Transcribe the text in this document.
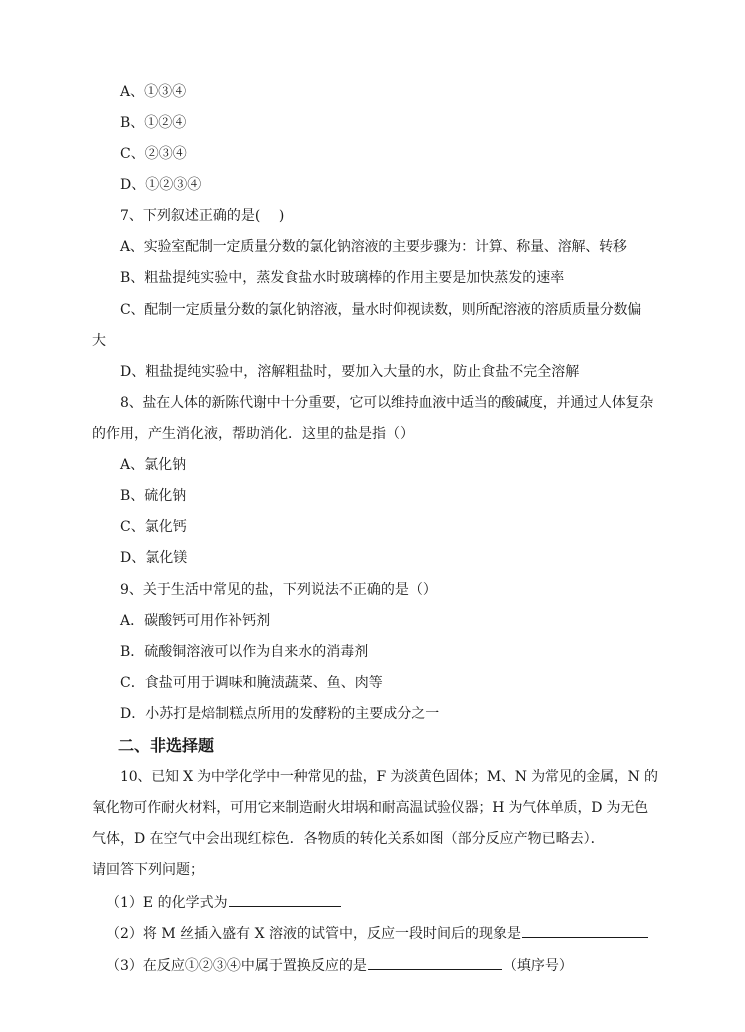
A、①③④
B、①②④
C、②③④
D、①②③④
7、下列叙述正确的是(　 )
A、实验室配制一定质量分数的氯化钠溶液的主要步骤为：计算、称量、溶解、转移
B、粗盐提纯实验中，蒸发食盐水时玻璃棒的作用主要是加快蒸发的速率
C、配制一定质量分数的氯化钠溶液，量水时仰视读数，则所配溶液的溶质质量分数偏
大
D、粗盐提纯实验中，溶解粗盐时，要加入大量的水，防止食盐不完全溶解
8、盐在人体的新陈代谢中十分重要，它可以维持血液中适当的酸碱度，并通过人体复杂
的作用，产生消化液，帮助消化．这里的盐是指（）
A、氯化钠
B、硫化钠
C、氯化钙
D、氯化镁
9、关于生活中常见的盐，下列说法不正确的是（）
A．碳酸钙可用作补钙剂
B．硫酸铜溶液可以作为自来水的消毒剂
C．食盐可用于调味和腌渍蔬菜、鱼、肉等
D．小苏打是焙制糕点所用的发酵粉的主要成分之一
二、非选择题
10、已知 X 为中学化学中一种常见的盐，F 为淡黄色固体；M、N 为常见的金属，N 的
氧化物可作耐火材料，可用它来制造耐火坩埚和耐高温试验仪器；H 为气体单质，D 为无色
气体，D 在空气中会出现红棕色．各物质的转化关系如图（部分反应产物已略去）．
请回答下列问题；
（1）E 的化学式为
（2）将 M 丝插入盛有 X 溶液的试管中，反应一段时间后的现象是
（3）在反应①②③④中属于置换反应的是	（填序号）
